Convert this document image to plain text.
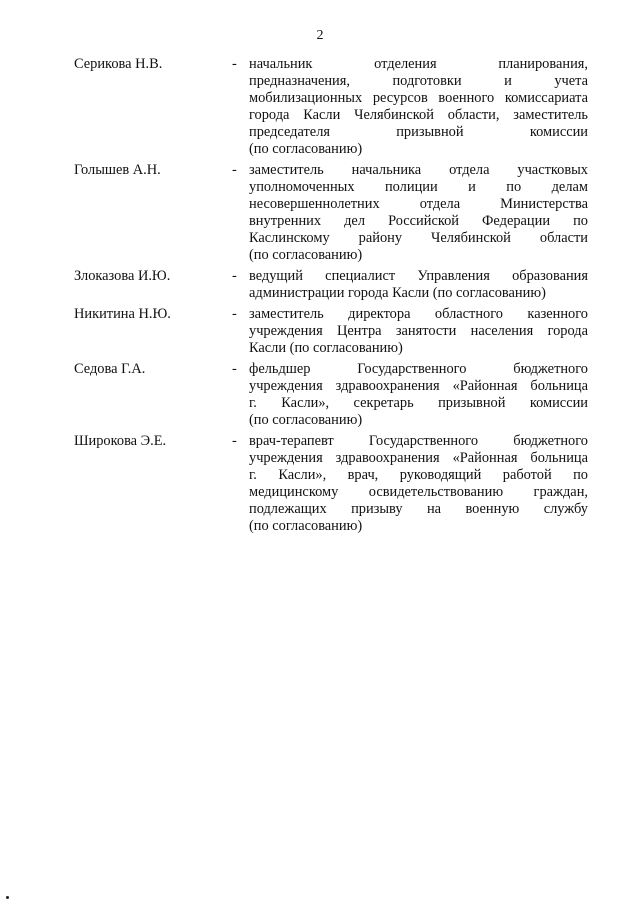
2
Серикова Н.В.	- начальник отделения планирования,
предназначения, подготовки и учета
мобилизационных ресурсов военного комиссариата
города Касли Челябинской области, заместитель
председателя призывной комиссии
(по согласованию)
Голышев А.Н.	- заместитель начальника отдела участковых
уполномоченных полиции и по делам
несовершеннолетних отдела Министерства
внутренних дел Российской Федерации по
Каслинскому району Челябинской области
(по согласованию)
Злоказова И.Ю.	- ведущий специалист Управления образования
администрации города Касли (по согласованию)
Никитина Н.Ю.	- заместитель директора областного казенного
учреждения Центра занятости населения города
Касли (по согласованию)
Седова Г.А.	- фельдшер Государственного бюджетного
учреждения здравоохранения «Районная больница
г. Касли», секретарь призывной комиссии
(по согласованию)
Широкова Э.Е.	- врач-терапевт Государственного бюджетного
учреждения здравоохранения «Районная больница
г. Касли», врач, руководящий работой по
медицинскому освидетельствованию граждан,
подлежащих призыву на военную службу
(по согласованию)
